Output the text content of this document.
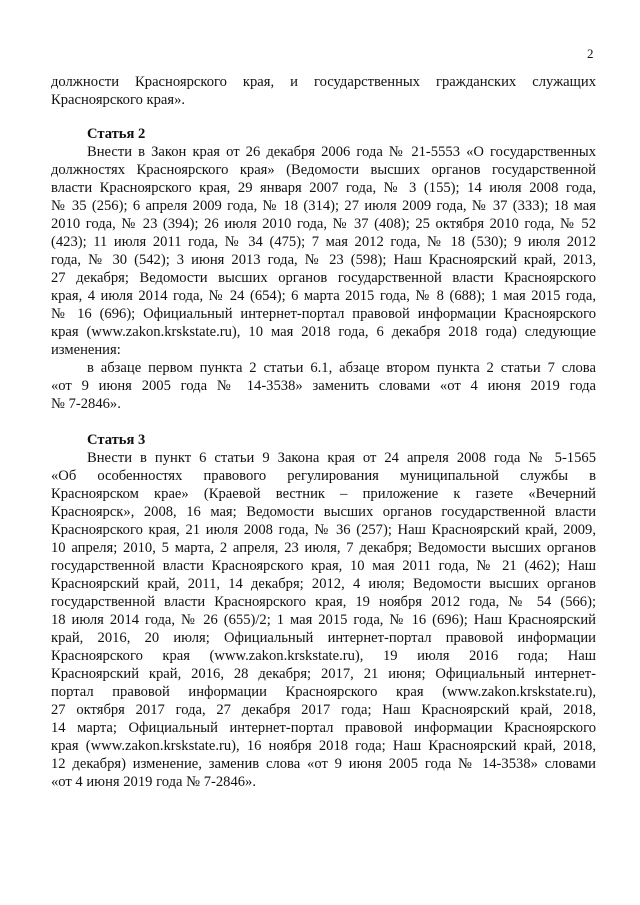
2
должности Красноярского края, и государственных гражданских служащих
Красноярского края».
Статья 2
Внести в Закон края от 26 декабря 2006 года № 21-5553 «О государственных
должностях Красноярского края» (Ведомости высших органов государственной
власти Красноярского края, 29 января 2007 года, № 3 (155); 14 июля 2008 года,
№ 35 (256); 6 апреля 2009 года, № 18 (314); 27 июля 2009 года, № 37 (333); 18 мая
2010 года, № 23 (394); 26 июля 2010 года, № 37 (408); 25 октября 2010 года, № 52
(423); 11 июля 2011 года, № 34 (475); 7 мая 2012 года, № 18 (530); 9 июля 2012
года, № 30 (542); 3 июня 2013 года, № 23 (598); Наш Красноярский край, 2013,
27 декабря; Ведомости высших органов государственной власти Красноярского
края, 4 июля 2014 года, № 24 (654); 6 марта 2015 года, № 8 (688); 1 мая 2015 года,
№ 16 (696); Официальный интернет-портал правовой информации Красноярского
края (www.zakon.krskstate.ru), 10 мая 2018 года, 6 декабря 2018 года) следующие
изменения:
в абзаце первом пункта 2 статьи 6.1, абзаце втором пункта 2 статьи 7 слова
«от 9 июня 2005 года № 14-3538» заменить словами «от 4 июня 2019 года
№ 7-2846».
Статья 3
Внести в пункт 6 статьи 9 Закона края от 24 апреля 2008 года № 5-1565
«Об особенностях правового регулирования муниципальной службы в
Красноярском крае» (Краевой вестник – приложение к газете «Вечерний
Красноярск», 2008, 16 мая; Ведомости высших органов государственной власти
Красноярского края, 21 июля 2008 года, № 36 (257); Наш Красноярский край, 2009,
10 апреля; 2010, 5 марта, 2 апреля, 23 июля, 7 декабря; Ведомости высших органов
государственной власти Красноярского края, 10 мая 2011 года, № 21 (462); Наш
Красноярский край, 2011, 14 декабря; 2012, 4 июля; Ведомости высших органов
государственной власти Красноярского края, 19 ноября 2012 года, № 54 (566);
18 июля 2014 года, № 26 (655)/2; 1 мая 2015 года, № 16 (696); Наш Красноярский
край, 2016, 20 июля; Официальный интернет-портал правовой информации
Красноярского края (www.zakon.krskstate.ru), 19 июля 2016 года; Наш
Красноярский край, 2016, 28 декабря; 2017, 21 июня; Официальный интернет-
портал правовой информации Красноярского края (www.zakon.krskstate.ru),
27 октября 2017 года, 27 декабря 2017 года; Наш Красноярский край, 2018,
14 марта; Официальный интернет-портал правовой информации Красноярского
края (www.zakon.krskstate.ru), 16 ноября 2018 года; Наш Красноярский край, 2018,
12 декабря) изменение, заменив слова «от 9 июня 2005 года № 14-3538» словами
«от 4 июня 2019 года № 7-2846».
